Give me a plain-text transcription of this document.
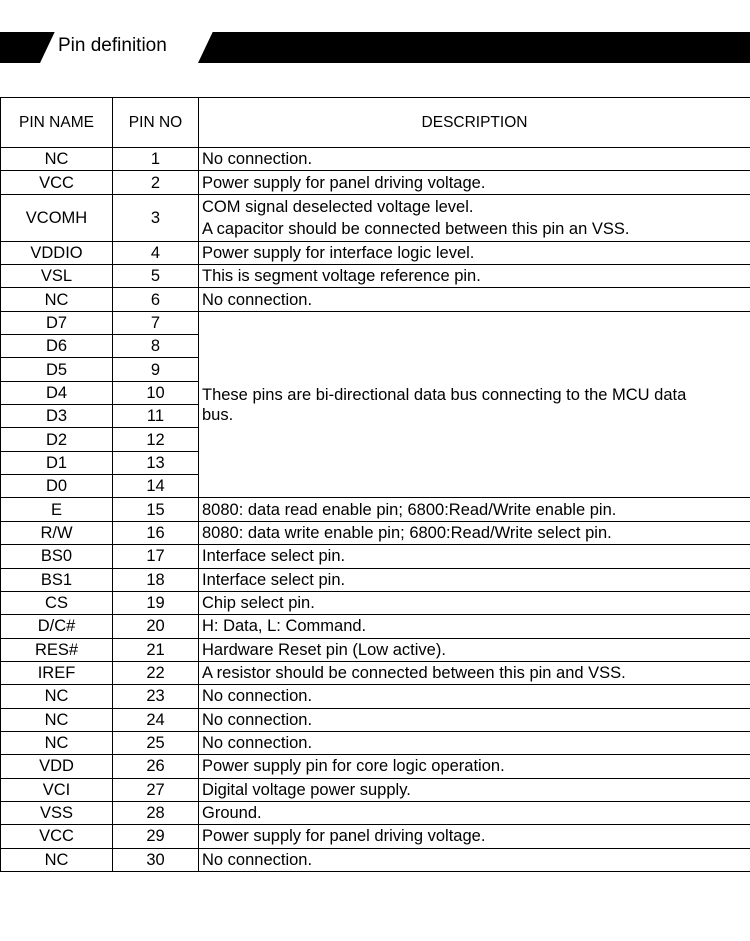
Pin definition
PIN NAME	PIN NO	DESCRIPTION
NC	1	No connection.
VCC	2	Power supply for panel driving voltage.
VCOMH	3	COM signal deselected voltage level.
A capacitor should be connected between this pin an VSS.
VDDIO	4	Power supply for interface logic level.
VSL	5	This is segment voltage reference pin.
NC	6	No connection.
D7	7	These pins are bi-directional data bus connecting to the MCU data bus.
D6	8	
D5	9	
D4	10	
D3	11	
D2	12	
D1	13	
D0	14	
E	15	8080: data read enable pin; 6800:Read/Write enable pin.
R/W	16	8080: data write enable pin; 6800:Read/Write select pin.
BS0	17	Interface select pin.
BS1	18	Interface select pin.
CS	19	Chip select pin.
D/C#	20	H: Data, L: Command.
RES#	21	Hardware Reset pin (Low active).
IREF	22	A resistor should be connected between this pin and VSS.
NC	23	No connection.
NC	24	No connection.
NC	25	No connection.
VDD	26	Power supply pin for core logic operation.
VCI	27	Digital voltage power supply.
VSS	28	Ground.
VCC	29	Power supply for panel driving voltage.
NC	30	No connection.
